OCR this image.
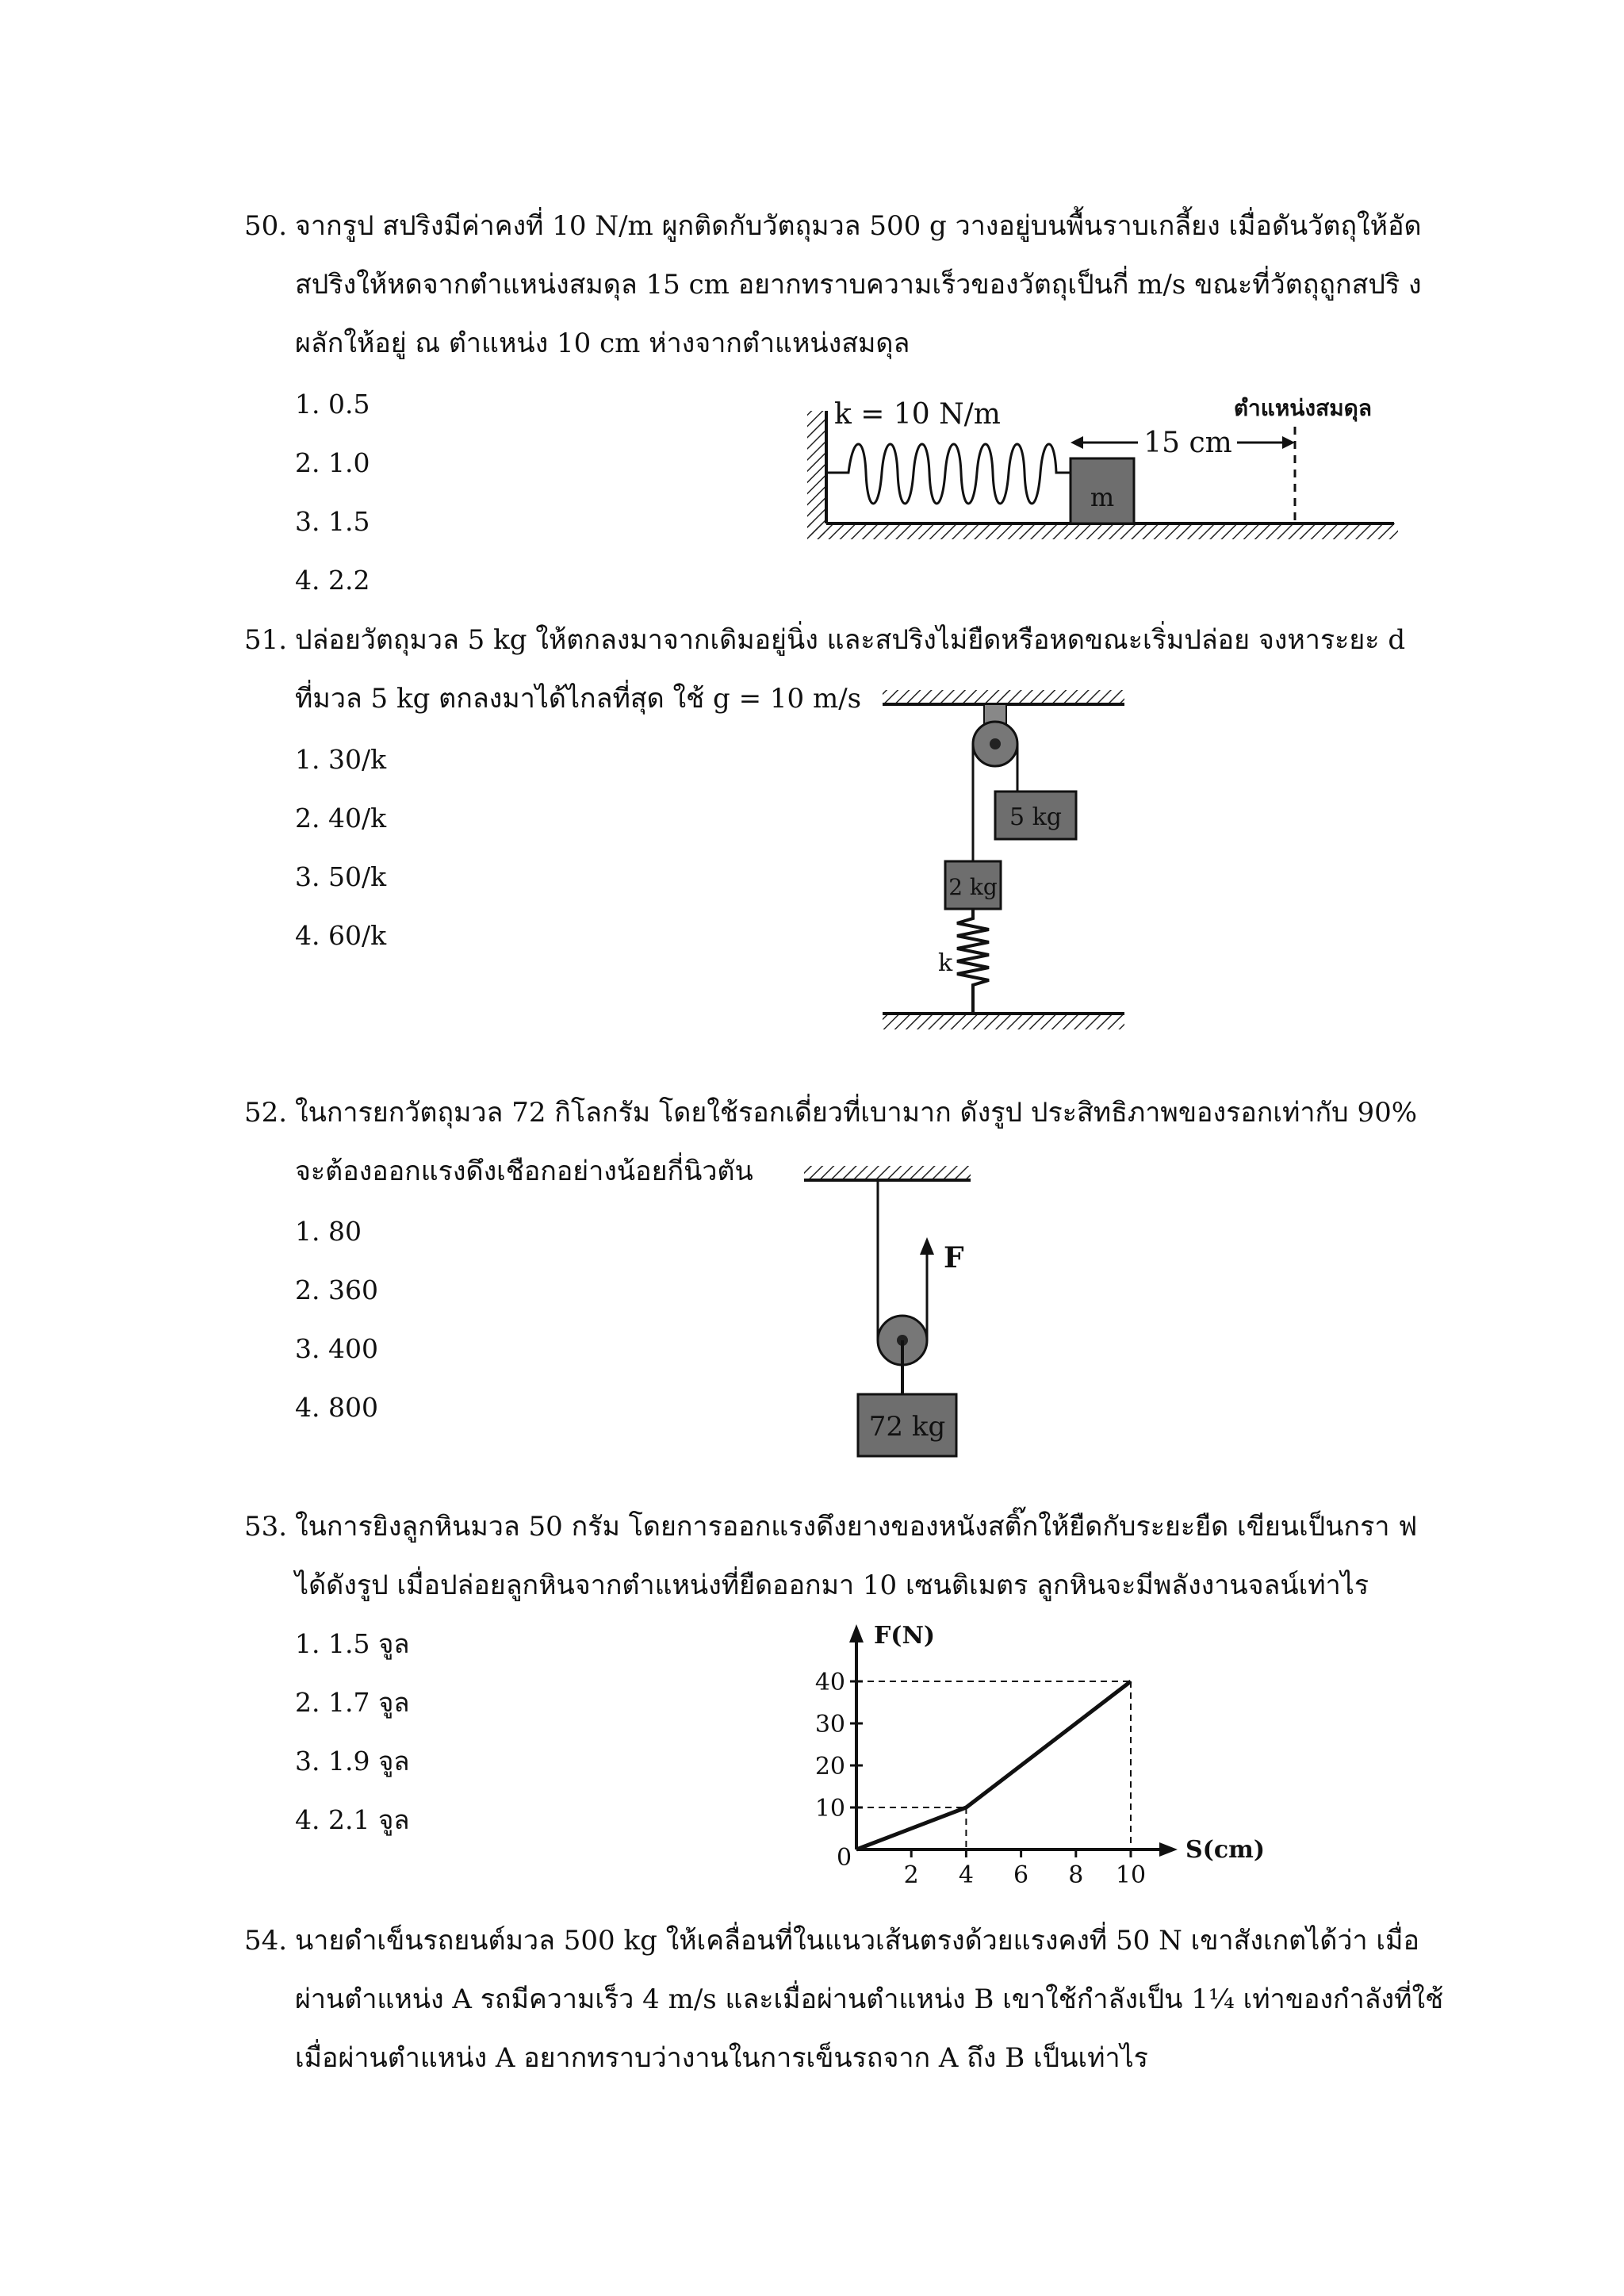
50. จากรูป สปริงมีค่าคงที่ 10 N/m ผูกติดกับวัตถุมวล 500 g วางอยู่บนพื้นราบเกลี้ยง เมื่อดันวัตถุให้อัด
สปริงให้หดจากตำแหน่งสมดุล 15 cm อยากทราบความเร็วของวัตถุเป็นกี่ m/s ขณะที่วัตถุถูกสปริ ง
ผลักให้อยู่ ณ ตำแหน่ง 10 cm ห่างจากตำแหน่งสมดุล
1. 0.5
2. 1.0
3. 1.5
4. 2.2
m
k = 10 N/m	ตำแหน่งสมดุล
15 cm
51. ปล่อยวัตถุมวล 5 kg ให้ตกลงมาจากเดิมอยู่นิ่ง และสปริงไม่ยืดหรือหดขณะเริ่มปล่อย จงหาระยะ d
ที่มวล 5 kg ตกลงมาได้ไกลที่สุด ใช้ g = 10 m/s
1. 30/k
2. 40/k
3. 50/k
4. 60/k
5 kg
2 kg
k
52. ในการยกวัตถุมวล 72 กิโลกรัม โดยใช้รอกเดี่ยวที่เบามาก ดังรูป ประสิทธิภาพของรอกเท่ากับ 90%
จะต้องออกแรงดึงเชือกอย่างน้อยกี่นิวตัน
1. 80
2. 360
3. 400
4. 800
F
72 kg
53. ในการยิงลูกหินมวล 50 กรัม โดยการออกแรงดึงยางของหนังสติ๊กให้ยืดกับระยะยืด เขียนเป็นกรา ฟ
ได้ดังรูป เมื่อปล่อยลูกหินจากตำแหน่งที่ยืดออกมา 10 เซนติเมตร ลูกหินจะมีพลังงานจลน์เท่าไร
1. 1.5 จูล
2. 1.7 จูล
3. 1.9 จูล
4. 2.1 จูล
F(N)
S(cm)
0
2 4 6 8 10
10
20
30
40
54. นายดำเข็นรถยนต์มวล 500 kg ให้เคลื่อนที่ในแนวเส้นตรงด้วยแรงคงที่ 50 N เขาสังเกตได้ว่า เมื่อ
ผ่านตำแหน่ง A รถมีความเร็ว 4 m/s และเมื่อผ่านตำแหน่ง B เขาใช้กำลังเป็น 1¼ เท่าของกำลังที่ใช้
เมื่อผ่านตำแหน่ง A อยากทราบว่างานในการเข็นรถจาก A ถึง B เป็นเท่าไร
